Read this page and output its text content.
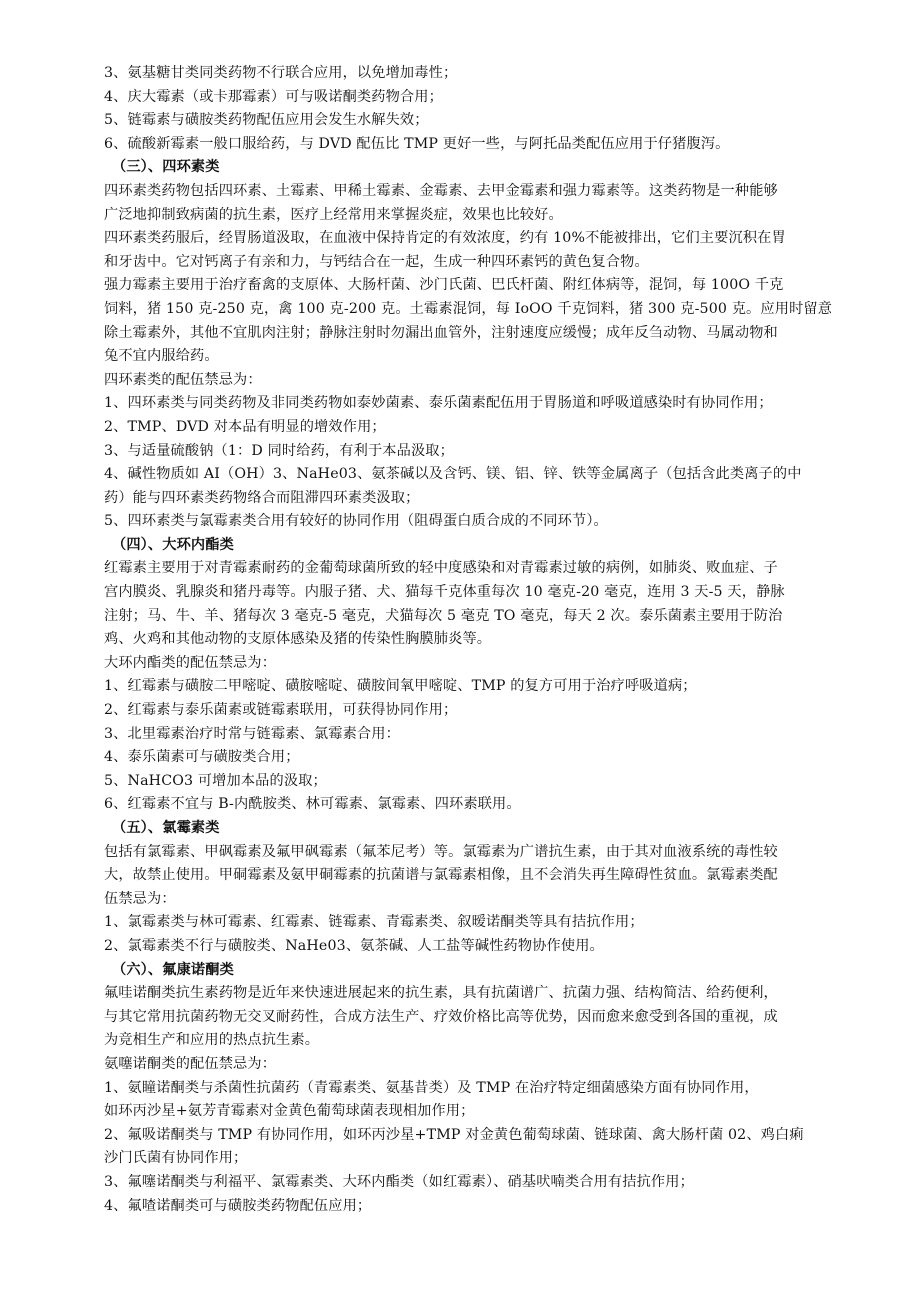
3、氨基糖甘类同类药物不行联合应用，以免增加毒性；
4、庆大霉素（或卡那霉素）可与吸诺酮类药物合用；
5、链霉素与磺胺类药物配伍应用会发生水解失效；
6、硫酸新霉素一般口服给药，与 DVD 配伍比 TMP 更好一些，与阿托品类配伍应用于仔猪腹泻。
（三）、四环素类
四环素类药物包括四环素、土霉素、甲稀土霉素、金霉素、去甲金霉素和强力霉素等。这类药物是一种能够
广泛地抑制致病菌的抗生素，医疗上经常用来掌握炎症，效果也比较好。
四环素类药服后，经胃肠道汲取，在血液中保持肯定的有效浓度，约有 10%不能被排出，它们主要沉积在胃
和牙齿中。它对钙离子有亲和力，与钙结合在一起，生成一种四环素钙的黄色复合物。
强力霉素主要用于治疗畜禽的支原体、大肠杆菌、沙门氏菌、巴氏杆菌、附红体病等，混饲，每 100O 千克
饲料，猪 150 克-250 克，禽 100 克-200 克。土霉素混饲，每 IoOO 千克饲料，猪 300 克-500 克。应用时留意
除土霉素外，其他不宜肌肉注射；静脉注射时勿漏出血管外，注射速度应缓慢；成年反刍动物、马属动物和
兔不宜内服给药。
四环素类的配伍禁忌为：
1、四环素类与同类药物及非同类药物如泰妙菌素、泰乐菌素配伍用于胃肠道和呼吸道感染时有协同作用；
2、TMP、DVD 对本品有明显的增效作用；
3、与适量硫酸钠（1：D 同时给药，有利于本品汲取；
4、碱性物质如 AI（OH）3、NaHe03、氨茶碱以及含钙、镁、铝、锌、铁等金属离子（包括含此类离子的中
药）能与四环素类药物络合而阻滞四环素类汲取；
5、四环素类与氯霉素类合用有较好的协同作用（阻碍蛋白质合成的不同环节）。
（四）、大环内酯类
红霉素主要用于对青霉素耐药的金葡萄球菌所致的轻中度感染和对青霉素过敏的病例，如肺炎、败血症、子
宫内膜炎、乳腺炎和猪丹毒等。内服子猪、犬、猫每千克体重每次 10 毫克-20 毫克，连用 3 天-5 天，静脉
注射；马、牛、羊、猪每次 3 毫克-5 毫克，犬猫每次 5 毫克 TO 毫克，每天 2 次。泰乐菌素主要用于防治
鸡、火鸡和其他动物的支原体感染及猪的传染性胸膜肺炎等。
大环内酯类的配伍禁忌为：
1、红霉素与磺胺二甲嘧啶、磺胺嘧啶、磺胺间氧甲嘧啶、TMP 的复方可用于治疗呼吸道病；
2、红霉素与泰乐菌素或链霉素联用，可获得协同作用；
3、北里霉素治疗时常与链霉素、氯霉素合用：
4、泰乐菌素可与磺胺类合用；
5、NaHCO3 可增加本品的汲取；
6、红霉素不宜与 B-内酰胺类、林可霉素、氯霉素、四环素联用。
（五）、氯霉素类
包括有氯霉素、甲砜霉素及氟甲砜霉素（氟苯尼考）等。氯霉素为广谱抗生素，由于其对血液系统的毒性较
大，故禁止使用。甲硐霉素及氨甲硐霉素的抗菌谱与氯霉素相像，且不会消失再生障碍性贫血。氯霉素类配
伍禁忌为：
1、氯霉素类与林可霉素、红霉素、链霉素、青霉素类、叙暧诺酮类等具有拮抗作用；
2、氯霉素类不行与磺胺类、NaHe03、氨茶碱、人工盐等碱性药物协作使用。
（六）、氟康诺酮类
氟哇诺酮类抗生素药物是近年来快速进展起来的抗生素，具有抗菌谱广、抗菌力强、结构简洁、给药便利，
与其它常用抗菌药物无交叉耐药性，合成方法生产、疗效价格比高等优势，因而愈来愈受到各国的重视，成
为竞相生产和应用的热点抗生素。
氨噻诺酮类的配伍禁忌为：
1、氨瞳诺酮类与杀菌性抗菌药（青霉素类、氨基昔类）及 TMP 在治疗特定细菌感染方面有协同作用，
如环丙沙星+氨芳青霉素对金黄色葡萄球菌表现相加作用；
2、氟吸诺酮类与 TMP 有协同作用，如环丙沙星+TMP 对金黄色葡萄球菌、链球菌、禽大肠杆菌 02、鸡白痢
沙门氏菌有协同作用；
3、氟噻诺酮类与利福平、氯霉素类、大环内酯类（如红霉素）、硝基吠喃类合用有拮抗作用；
4、氟喳诺酮类可与磺胺类药物配伍应用；
